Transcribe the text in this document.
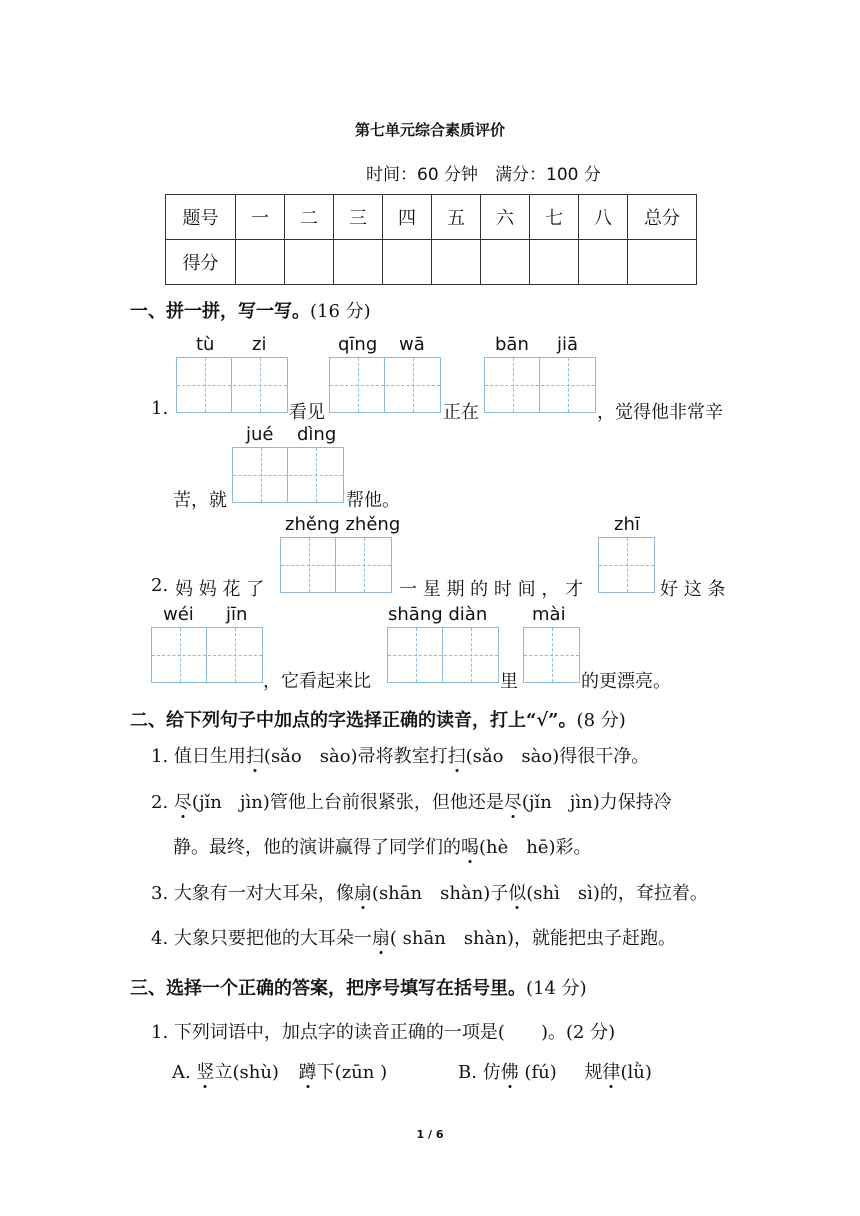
第七单元综合素质评价
时间：60 分钟　满分：100 分
题号	一	二	三	四	五	六	七	八	总分
得分									
一、拼一拼，写一写。(16 分)
tù zi	qīng wā	bān jiā
1.	看见	正在	，觉得他非常辛
jué dìng
苦，就	帮他。
zhěng zhěng	zhī
2. 妈 妈 花 了	一 星 期 的 时 间 ， 才	好 这 条
wéi jīn	shāng diàn mài
，它看起来比	里	的更漂亮。
二、给下列句子中加点的字选择正确的读音，打上“√”。(8 分)
1. 值日生用扫(sǎo　sào)帚将教室打扫(sǎo　sào)得很干净。
2. 尽(jǐn　jìn)管他上台前很紧张，但他还是尽(jǐn　jìn)力保持冷
静。最终，他的演讲赢得了同学们的喝(hè　hē)彩。
3. 大象有一对大耳朵，像扇(shān　shàn)子似(shì　sì)的，耷拉着。
4. 大象只要把他的大耳朵一扇( shān　shàn)，就能把虫子赶跑。
三、选择一个正确的答案，把序号填写在括号里。(14 分)
1. 下列词语中，加点字的读音正确的一项是(　　)。(2 分)
A. 竖立(shù) 蹲下(zūn )	B. 仿佛 (fú) 规律(lǜ)
1 / 6
